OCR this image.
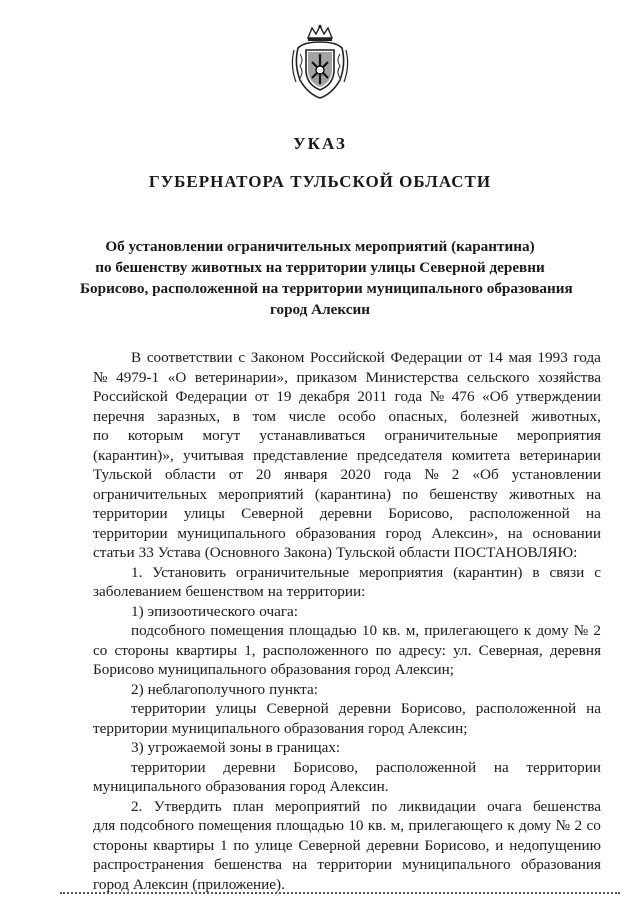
УКАЗ
ГУБЕРНАТОРА ТУЛЬСКОЙ ОБЛАСТИ
Об установлении ограничительных мероприятий (карантина)
по бешенству животных на территории улицы Северной деревни
Борисово, расположенной на территории муниципального образования
город Алексин
В соответствии с Законом Российской Федерации от 14 мая 1993 года
№ 4979-1 «О ветеринарии», приказом Министерства сельского хозяйства
Российской Федерации от 19 декабря 2011 года № 476 «Об утверждении
перечня заразных, в том числе особо опасных, болезней животных,
по которым могут устанавливаться ограничительные мероприятия
(карантин)», учитывая представление председателя комитета ветеринарии
Тульской области от 20 января 2020 года № 2 «Об установлении
ограничительных мероприятий (карантина) по бешенству животных на
территории улицы Северной деревни Борисово, расположенной на
территории муниципального образования город Алексин», на основании
статьи 33 Устава (Основного Закона) Тульской области ПОСТАНОВЛЯЮ:
1. Установить ограничительные мероприятия (карантин) в связи с
заболеванием бешенством на территории:
1) эпизоотического очага:
подсобного помещения площадью 10 кв. м, прилегающего к дому № 2
со стороны квартиры 1, расположенного по адресу: ул. Северная, деревня
Борисово муниципального образования город Алексин;
2) неблагополучного пункта:
территории улицы Северной деревни Борисово, расположенной на
территории муниципального образования город Алексин;
3) угрожаемой зоны в границах:
территории деревни Борисово, расположенной на территории
муниципального образования город Алексин.
2. Утвердить план мероприятий по ликвидации очага бешенства
для подсобного помещения площадью 10 кв. м, прилегающего к дому № 2 со
стороны квартиры 1 по улице Северной деревни Борисово, и недопущению
распространения бешенства на территории муниципального образования
город Алексин (приложение).
